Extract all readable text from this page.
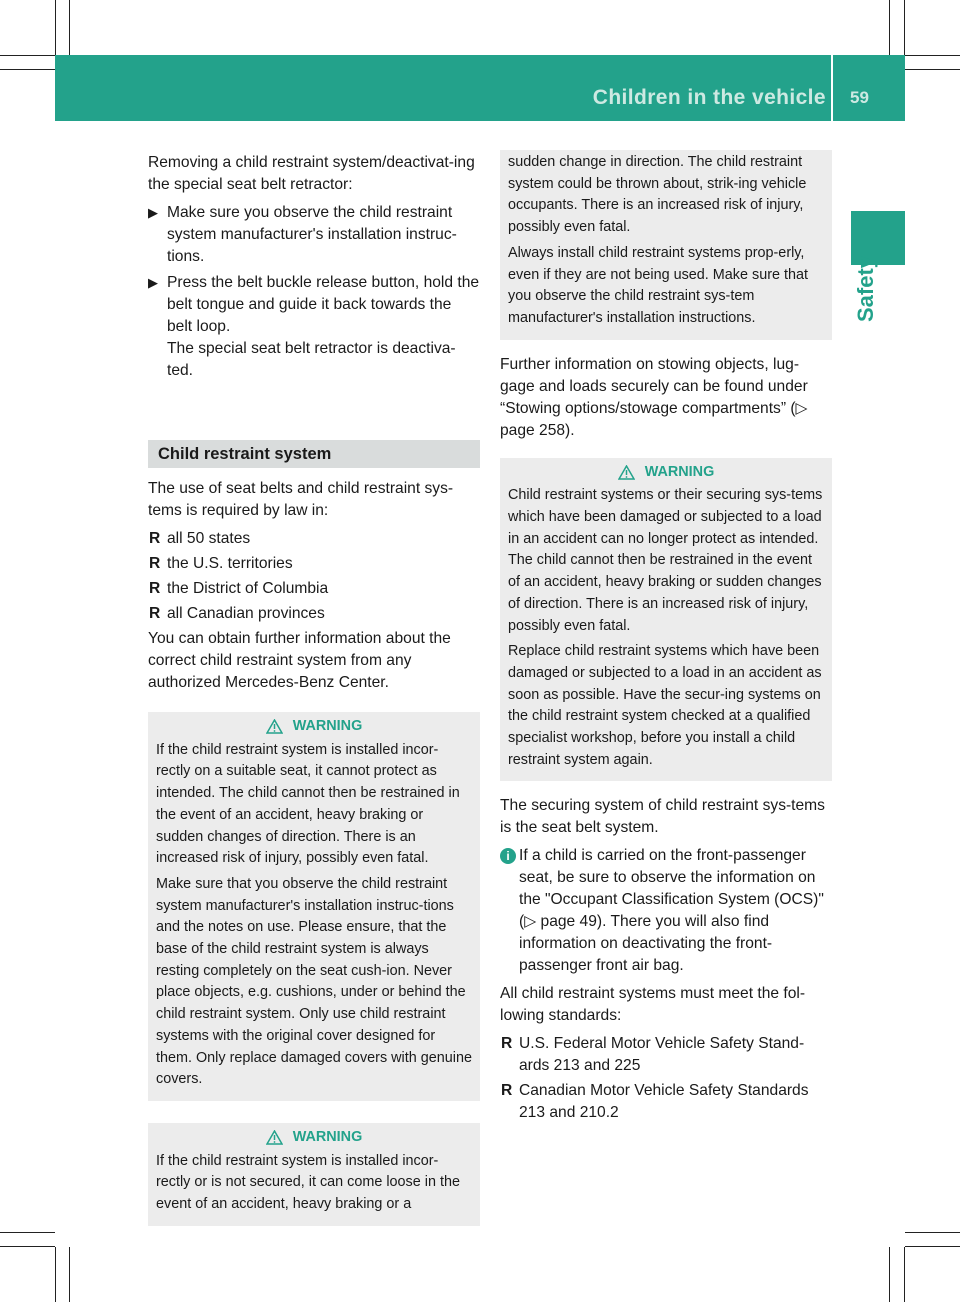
Children in the vehicle 59
Safety

Removing a child restraint system/deactivat-ing the special seat belt retractor:

▶ Make sure you observe the child restraint system manufacturer's installation instruc-tions.
▶ Press the belt buckle release button, hold the belt tongue and guide it back towards the belt loop.
The special seat belt retractor is deactiva-ted.
Child restraint system

The use of seat belts and child restraint sys-tems is required by law in:

R all 50 states
R the U.S. territories
R the District of Columbia
R all Canadian provinces

You can obtain further information about the correct child restraint system from any authorized Mercedes-Benz Center.

WARNING

If the child restraint system is installed incor-rectly on a suitable seat, it cannot protect as intended. The child cannot then be restrained in the event of an accident, heavy braking or sudden changes of direction. There is an increased risk of injury, possibly even fatal.

Make sure that you observe the child restraint system manufacturer's installation instruc-tions and the notes on use. Please ensure, that the base of the child restraint system is always resting completely on the seat cush-ion. Never place objects, e.g. cushions, under or behind the child restraint system. Only use child restraint systems with the original cover designed for them. Only replace damaged covers with genuine covers.

WARNING

If the child restraint system is installed incor-rectly or is not secured, it can come loose in the event of an accident, heavy braking or a

sudden change in direction. The child restraint system could be thrown about, strik-ing vehicle occupants. There is an increased risk of injury, possibly even fatal.

Always install child restraint systems prop-erly, even if they are not being used. Make sure that you observe the child restraint sys-tem manufacturer's installation instructions.

Further information on stowing objects, lug-gage and loads securely can be found under “Stowing options/stowage compartments” (▷ page 258).

WARNING

Child restraint systems or their securing sys-tems which have been damaged or subjected to a load in an accident can no longer protect as intended. The child cannot then be restrained in the event of an accident, heavy braking or sudden changes of direction. There is an increased risk of injury, possibly even fatal.

Replace child restraint systems which have been damaged or subjected to a load in an accident as soon as possible. Have the secur-ing systems on the child restraint system checked at a qualified specialist workshop, before you install a child restraint system again.

The securing system of child restraint sys-tems is the seat belt system.

i If a child is carried on the front-passenger seat, be sure to observe the information on the "Occupant Classification System (OCS)" (▷ page 49). There you will also find information on deactivating the front-passenger front air bag.

All child restraint systems must meet the fol-lowing standards:

R U.S. Federal Motor Vehicle Safety Stand-ards 213 and 225
R Canadian Motor Vehicle Safety Standards 213 and 210.2
